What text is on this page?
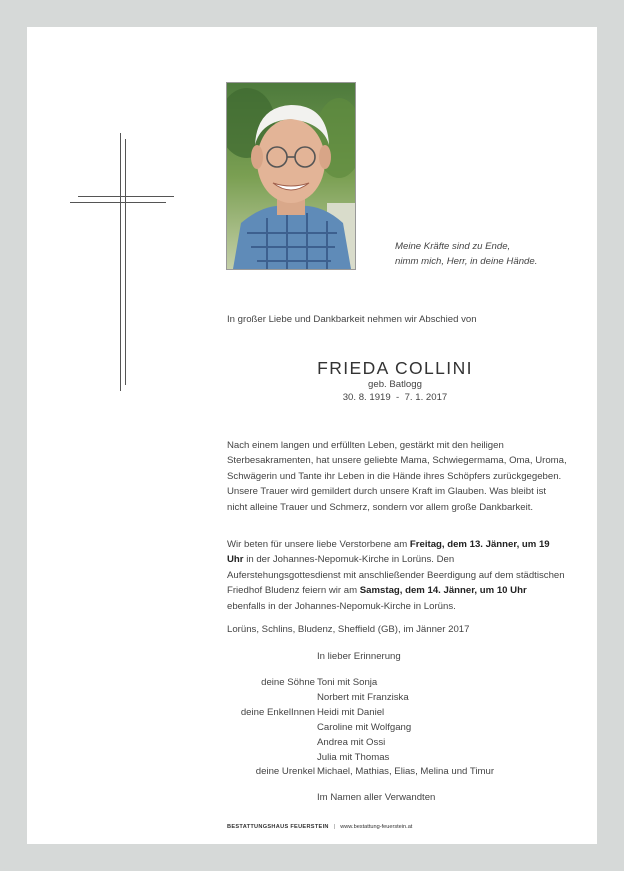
Meine Kräfte sind zu Ende,
nimm mich, Herr, in deine Hände.
In großer Liebe und Dankbarkeit nehmen wir Abschied von
FRIEDA COLLINI
geb. Batlogg
30. 8. 1919  -  7. 1. 2017
Nach einem langen und erfüllten Leben, gestärkt mit den heiligen Sterbesakramenten, hat unsere geliebte Mama, Schwiegermama, Oma, Uroma, Schwägerin und Tante ihr Leben in die Hände ihres Schöpfers zurückgegeben. Unsere Trauer wird gemildert durch unsere Kraft im Glauben. Was bleibt ist nicht alleine Trauer und Schmerz, sondern vor allem große Dankbarkeit.
Wir beten für unsere liebe Verstorbene am Freitag, dem 13. Jänner, um 19 Uhr in der Johannes-Nepomuk-Kirche in Lorüns. Den Auferstehungsgottesdienst mit anschließender Beerdigung auf dem städtischen Friedhof Bludenz feiern wir am Samstag, dem 14. Jänner, um 10 Uhr ebenfalls in der Johannes-Nepomuk-Kirche in Lorüns.
Lorüns, Schlins, Bludenz, Sheffield (GB), im Jänner 2017
In lieber Erinnerung
deine Söhne Toni mit Sonja
Norbert mit Franziska
deine EnkelInnen Heidi mit Daniel
Caroline mit Wolfgang
Andrea mit Ossi
Julia mit Thomas
deine Urenkel Michael, Mathias, Elias, Melina und Timur
Im Namen aller Verwandten
BESTATTUNGSHAUS FEUERSTEIN | www.bestattung-feuerstein.at
